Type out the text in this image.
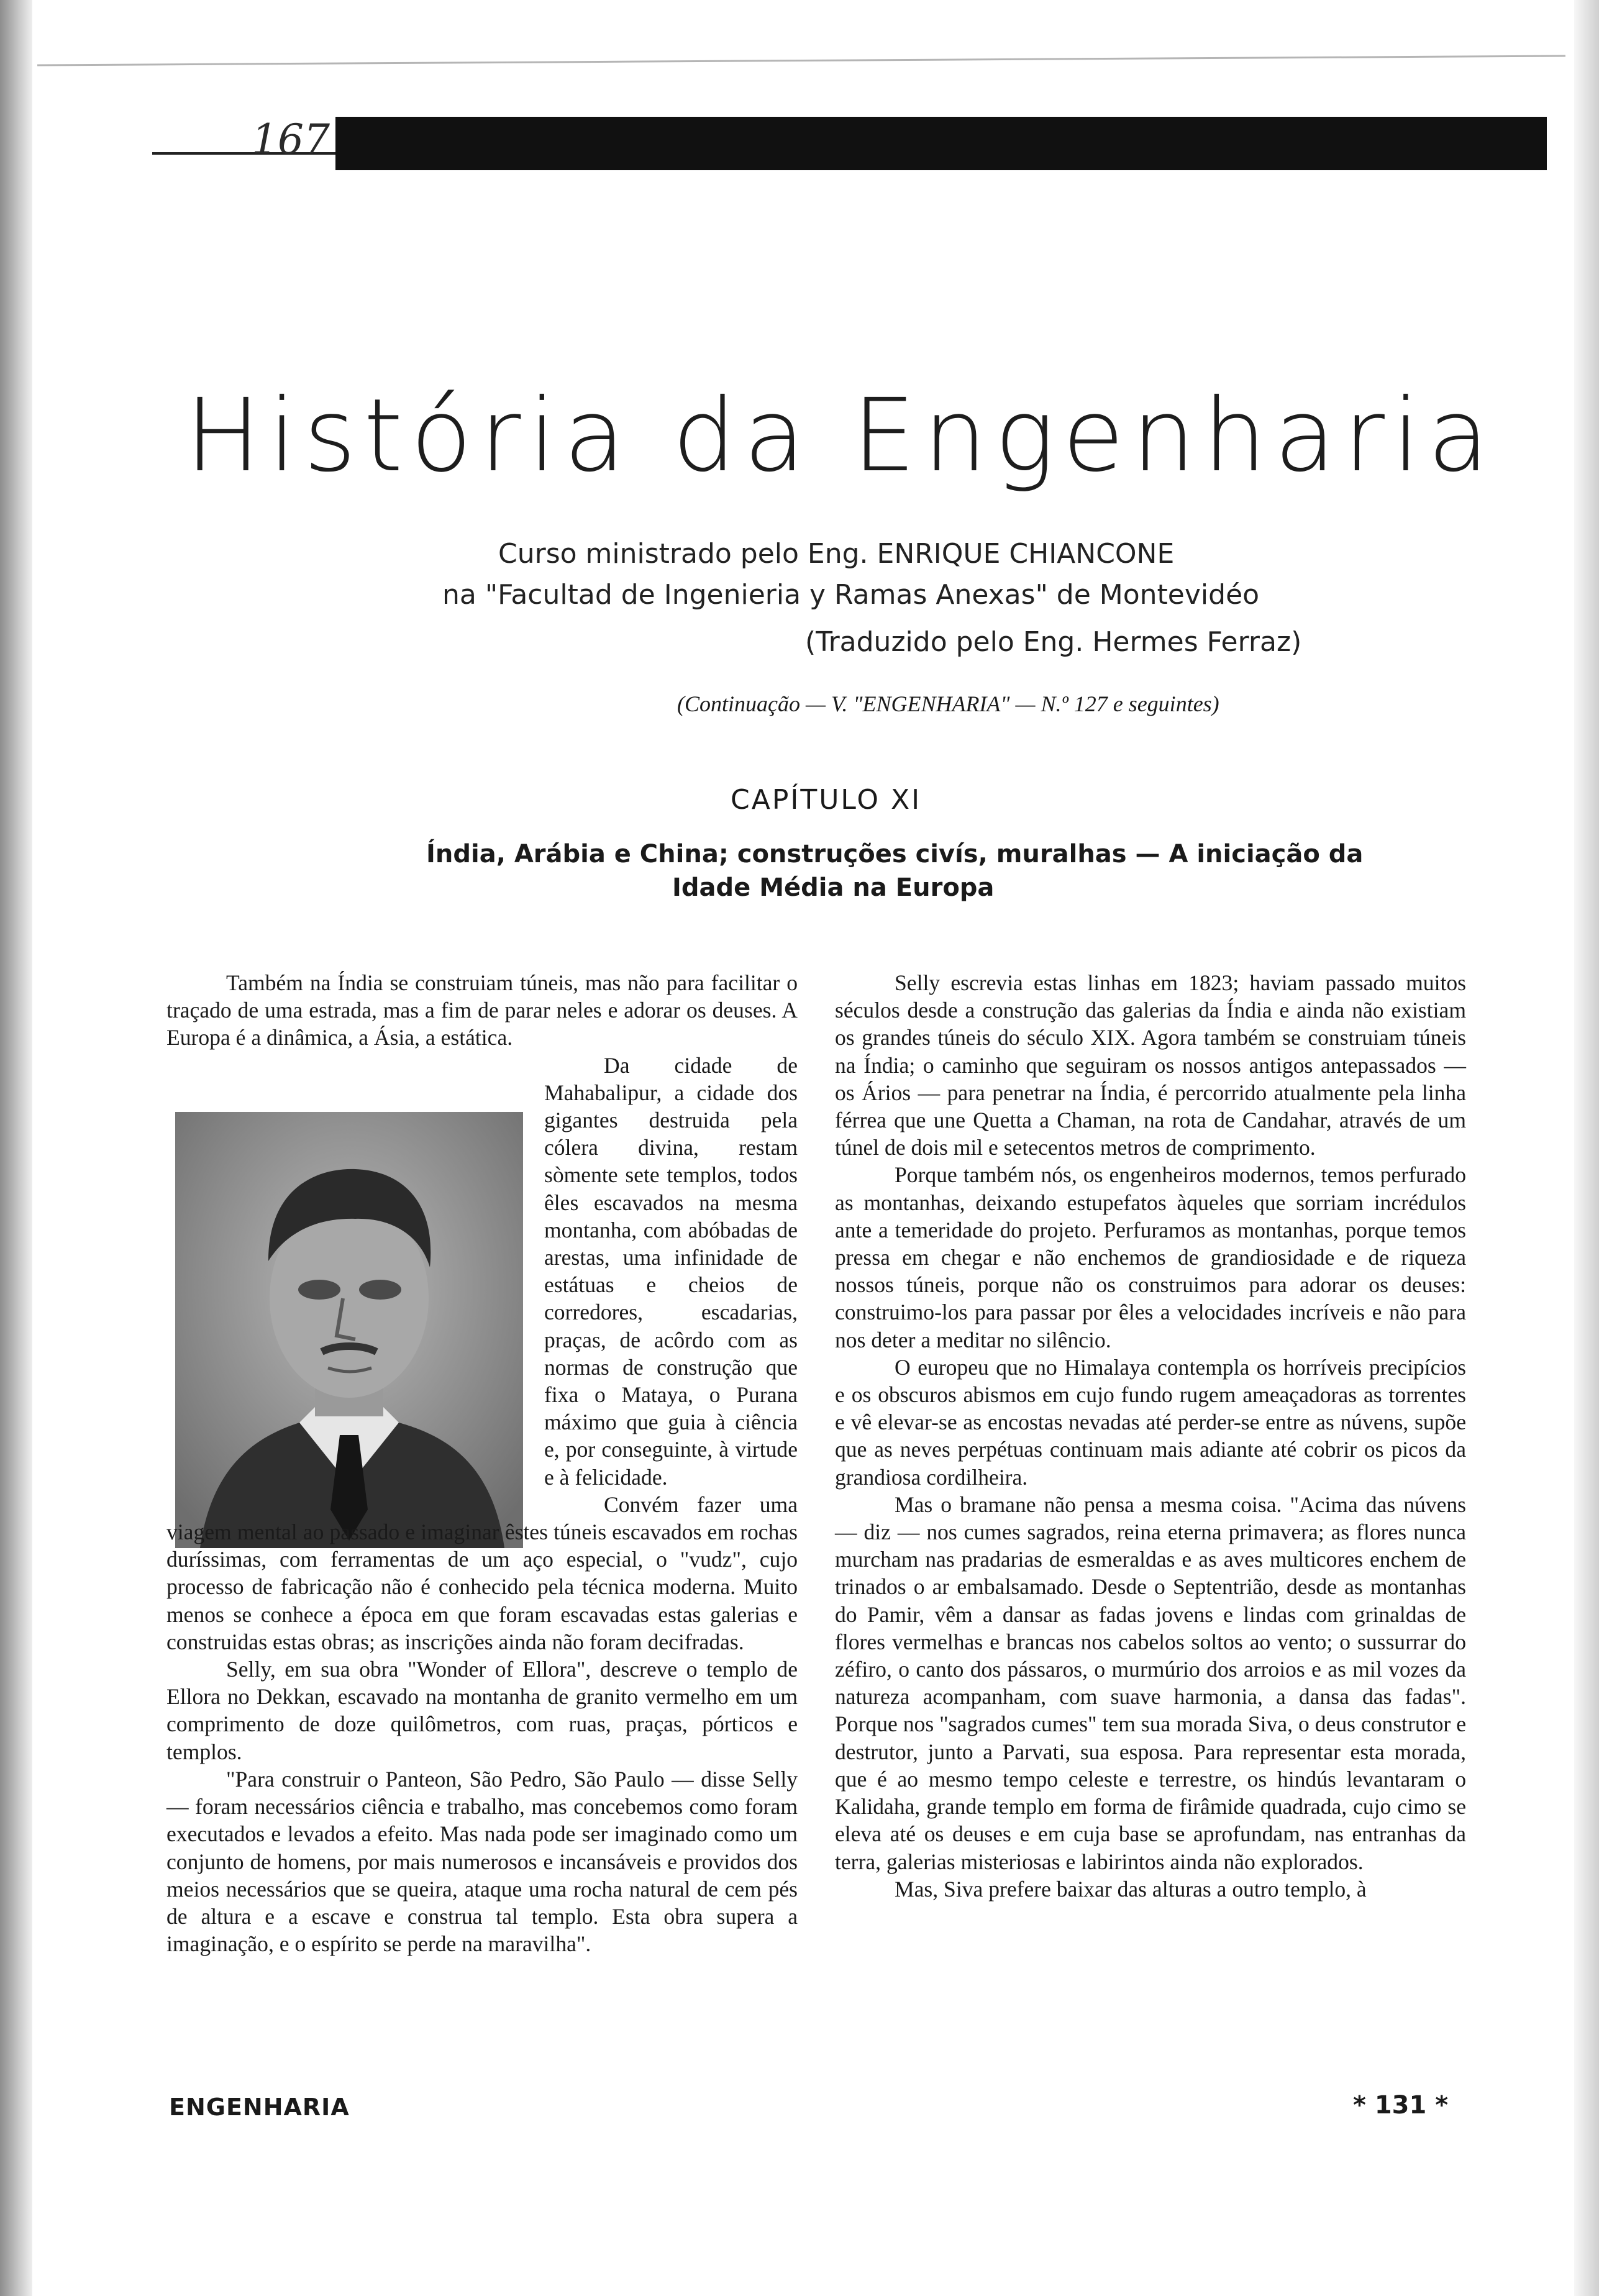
167
História da Engenharia
Curso ministrado pelo Eng. ENRIQUE CHIANCONE
na "Facultad de Ingenieria y Ramas Anexas" de Montevidéo
(Traduzido pelo Eng. Hermes Ferraz)
(Continuação — V. "ENGENHARIA" — N.º 127 e seguintes)
CAPÍTULO XI
Índia, Arábia e China; construções civís, muralhas — A iniciação da
Idade Média na Europa

Também na Índia se construiam túneis, mas não para facilitar o traçado de uma estrada, mas a fim de parar neles e adorar os deuses. A Europa é a dinâmica, a Ásia, a estática.

Da cidade de Mahabalipur, a cidade dos gigantes destruida pela cólera divina, restam sòmente sete templos, todos êles escavados na mesma montanha, com abóbadas de arestas, uma infinidade de estátuas e cheios de corredores, escadarias, praças, de acôrdo com as normas de construção que fixa o Mataya, o Purana máximo que guia à ciência e, por conseguinte, à virtude e à felicidade.

Convém fazer uma viagem mental ao passado e imaginar êstes túneis escavados em rochas duríssimas, com ferramentas de um aço especial, o "vudz", cujo processo de fabricação não é conhecido pela técnica moderna. Muito menos se conhece a época em que foram escavadas estas galerias e construidas estas obras; as inscrições ainda não foram decifradas.

Selly, em sua obra "Wonder of Ellora", descreve o templo de Ellora no Dekkan, escavado na montanha de granito vermelho em um comprimento de doze quilômetros, com ruas, praças, pórticos e templos.

"Para construir o Panteon, São Pedro, São Paulo — disse Selly — foram necessários ciência e trabalho, mas concebemos como foram executados e levados a efeito. Mas nada pode ser imaginado como um conjunto de homens, por mais numerosos e incansáveis e providos dos meios necessários que se queira, ataque uma rocha natural de cem pés de altura e a escave e construa tal templo. Esta obra supera a imaginação, e o espírito se perde na maravilha".

Selly escrevia estas linhas em 1823; haviam passado muitos séculos desde a construção das galerias da Índia e ainda não existiam os grandes túneis do século XIX. Agora também se construiam túneis na Índia; o caminho que seguiram os nossos antigos antepassados — os Ários — para penetrar na Índia, é percorrido atualmente pela linha férrea que une Quetta a Chaman, na rota de Candahar, através de um túnel de dois mil e setecentos metros de comprimento.

Porque também nós, os engenheiros modernos, temos perfurado as montanhas, deixando estupefatos àqueles que sorriam incrédulos ante a temeridade do projeto. Perfuramos as montanhas, porque temos pressa em chegar e não enchemos de grandiosidade e de riqueza nossos túneis, porque não os construimos para adorar os deuses: construimo-los para passar por êles a velocidades incríveis e não para nos deter a meditar no silêncio.

O europeu que no Himalaya contempla os horríveis precipícios e os obscuros abismos em cujo fundo rugem ameaçadoras as torrentes e vê elevar-se as encostas nevadas até perder-se entre as núvens, supõe que as neves perpétuas continuam mais adiante até cobrir os picos da grandiosa cordilheira.

Mas o bramane não pensa a mesma coisa. "Acima das núvens — diz — nos cumes sagrados, reina eterna primavera; as flores nunca murcham nas pradarias de esmeraldas e as aves multicores enchem de trinados o ar embalsamado. Desde o Septentrião, desde as montanhas do Pamir, vêm a dansar as fadas jovens e lindas com grinaldas de flores vermelhas e brancas nos cabelos soltos ao vento; o sussurrar do zéfiro, o canto dos pássaros, o murmúrio dos arroios e as mil vozes da natureza acompanham, com suave harmonia, a dansa das fadas". Porque nos "sagrados cumes" tem sua morada Siva, o deus construtor e destrutor, junto a Parvati, sua esposa. Para representar esta morada, que é ao mesmo tempo celeste e terrestre, os hindús levantaram o Kalidaha, grande templo em forma de firâmide quadrada, cujo cimo se eleva até os deuses e em cuja base se aprofundam, nas entranhas da terra, galerias misteriosas e labirintos ainda não explorados.

Mas, Siva prefere baixar das alturas a outro templo, à

ENGENHARIA	* 131 *
